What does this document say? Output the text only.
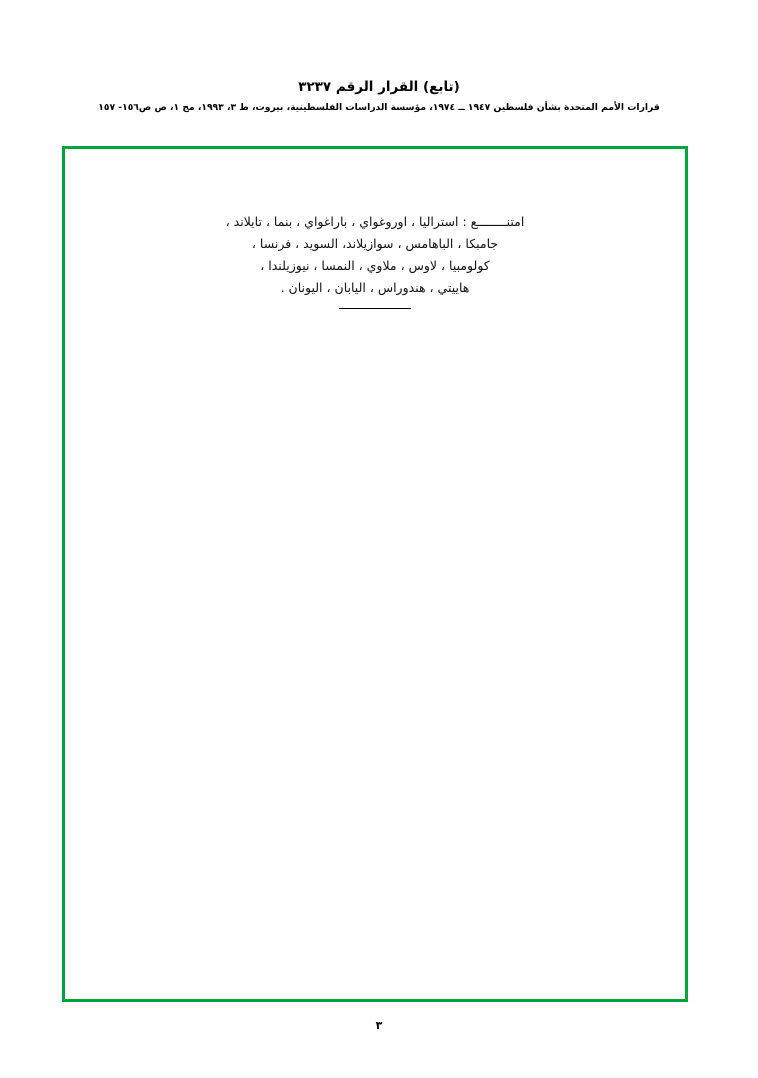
(تابع) القرار الرقم ٣٢٣٧
قرارات الأمم المتحدة بشأن فلسطين ١٩٤٧ ــ ١٩٧٤، مؤسسة الدراسات الفلسطينية، بيروت، ط ٣، ١٩٩٣، مج ١، ص ص١٥٦- ١٥٧
امتنــــــــع : استراليا ، اوروغواي ، باراغواي ، بنما ، تايلاند ،
جامبكا ، الباهامس ، سوازيلاند، السويد ، فرنسا ،
كولومبيا ، لاوس ، ملاوي ، النمسا ، نيوزيلندا ،
هاييتي ، هندوراس ، اليابان ، اليونان .
٣
